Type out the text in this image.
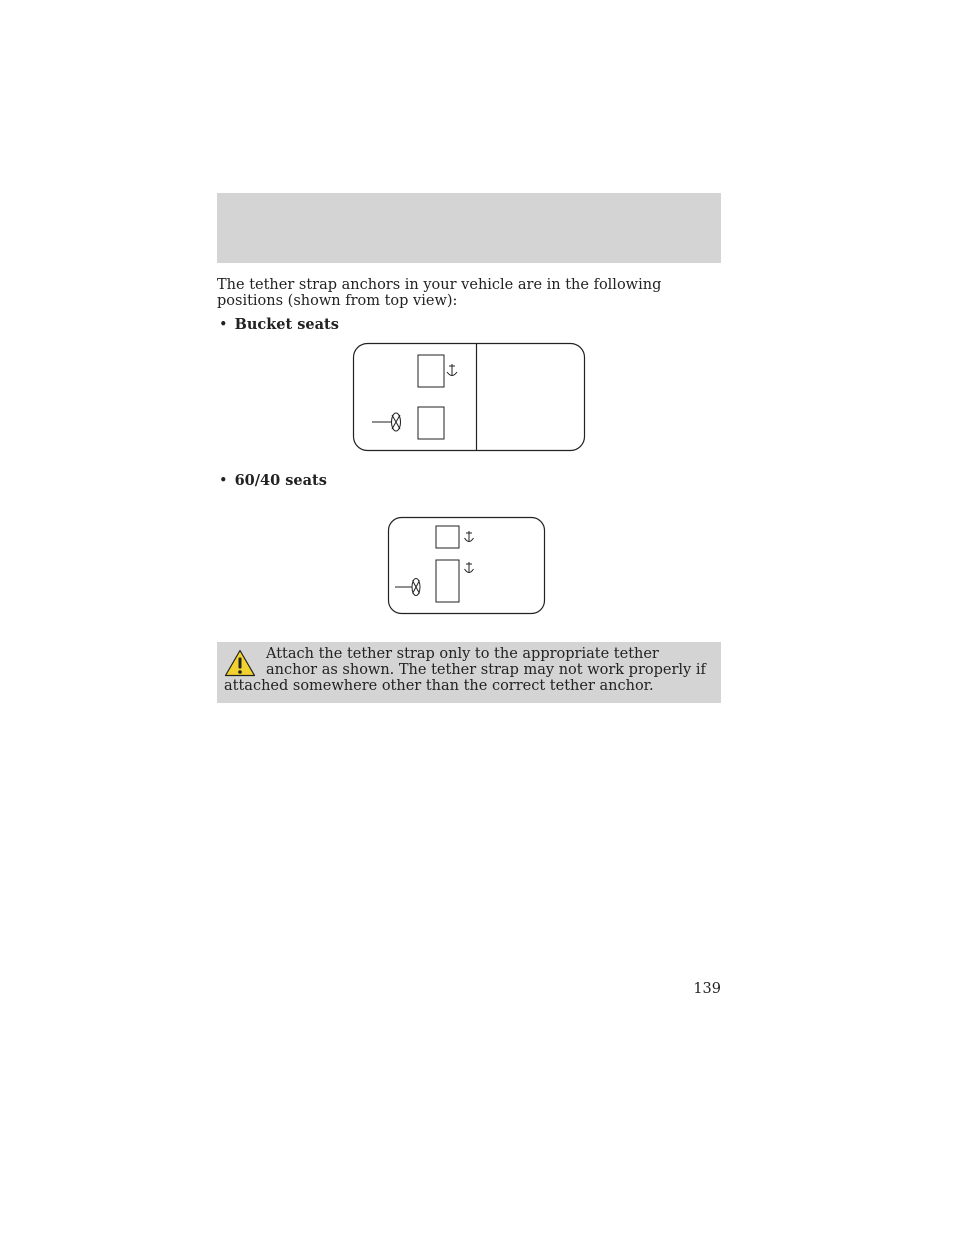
The tether strap anchors in your vehicle are in the following positions (shown from top view):

• Bucket seats
• 60/40 seats

Attach the tether strap only to the appropriate tether anchor as shown. The tether strap may not work properly if attached somewhere other than the correct tether anchor.

139
